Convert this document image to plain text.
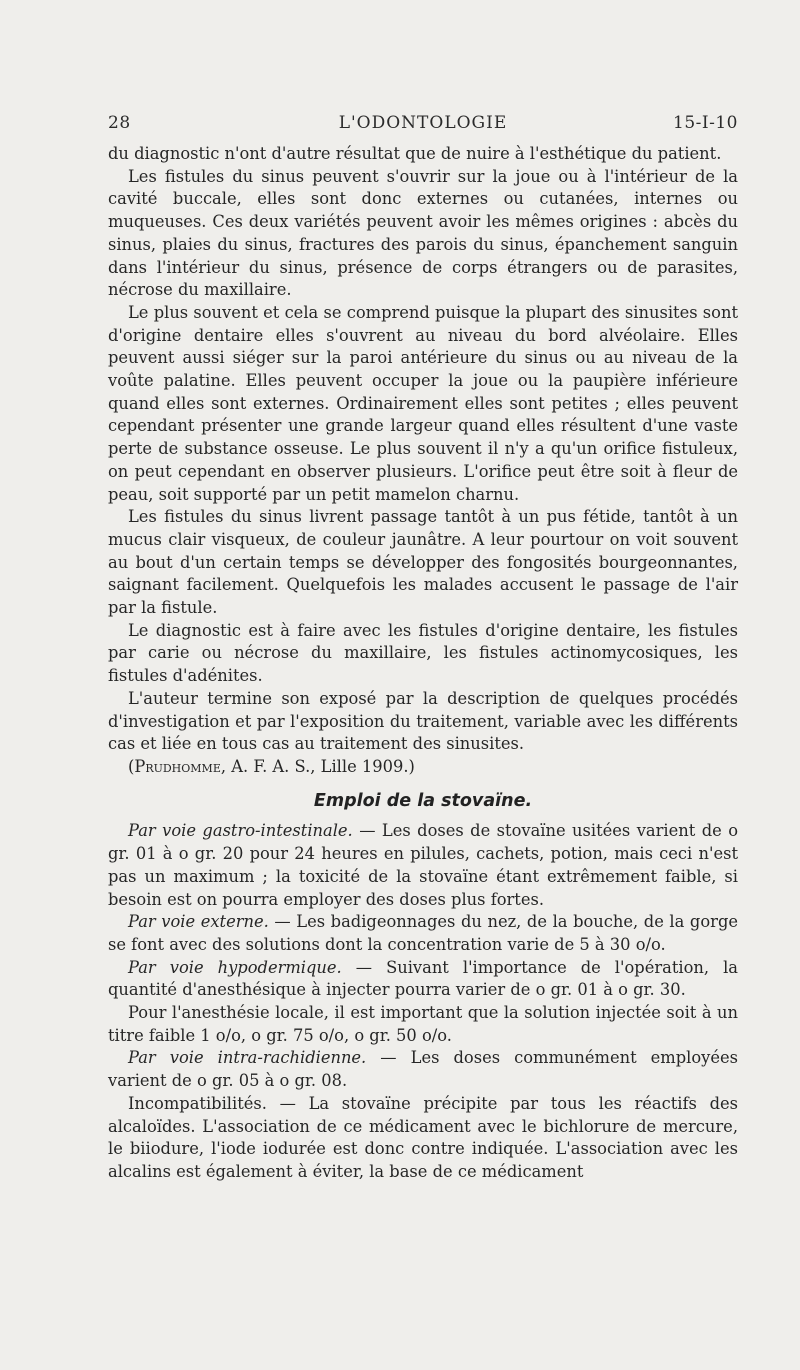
L'ODONTOLOGIE
28	15-I-10

du diagnostic n'ont d'autre résultat que de nuire à l'esthétique du patient.

Les fistules du sinus peuvent s'ouvrir sur la joue ou à l'intérieur de la cavité buccale, elles sont donc externes ou cutanées, internes ou muqueuses. Ces deux variétés peuvent avoir les mêmes origines : abcès du sinus, plaies du sinus, fractures des parois du sinus, épanchement sanguin dans l'intérieur du sinus, présence de corps étrangers ou de parasites, nécrose du maxillaire.

Le plus souvent et cela se comprend puisque la plupart des sinusites sont d'origine dentaire elles s'ouvrent au niveau du bord alvéolaire. Elles peuvent aussi siéger sur la paroi antérieure du sinus ou au niveau de la voûte palatine. Elles peuvent occuper la joue ou la paupière inférieure quand elles sont externes. Ordinairement elles sont petites ; elles peuvent cependant présenter une grande largeur quand elles résultent d'une vaste perte de substance osseuse. Le plus souvent il n'y a qu'un orifice fistuleux, on peut cependant en observer plusieurs. L'orifice peut être soit à fleur de peau, soit supporté par un petit mamelon charnu.

Les fistules du sinus livrent passage tantôt à un pus fétide, tantôt à un mucus clair visqueux, de couleur jaunâtre. A leur pourtour on voit souvent au bout d'un certain temps se développer des fongosités bourgeonnantes, saignant facilement. Quelquefois les malades accusent le passage de l'air par la fistule.

Le diagnostic est à faire avec les fistules d'origine dentaire, les fistules par carie ou nécrose du maxillaire, les fistules actinomycosiques, les fistules d'adénites.

L'auteur termine son exposé par la description de quelques procédés d'investigation et par l'exposition du traitement, variable avec les différents cas et liée en tous cas au traitement des sinusites.

(Prudhomme, A. F. A. S., Lille 1909.)

Emploi de la stovaïne.

Par voie gastro-intestinale. — Les doses de stovaïne usitées varient de o gr. 01 à o gr. 20 pour 24 heures en pilules, cachets, potion, mais ceci n'est pas un maximum ; la toxicité de la stovaïne étant extrêmement faible, si besoin est on pourra employer des doses plus fortes.

Par voie externe. — Les badigeonnages du nez, de la bouche, de la gorge se font avec des solutions dont la concentration varie de 5 à 30 o/o.

Par voie hypodermique. — Suivant l'importance de l'opération, la quantité d'anesthésique à injecter pourra varier de o gr. 01 à o gr. 30.

Pour l'anesthésie locale, il est important que la solution injectée soit à un titre faible 1 o/o, o gr. 75 o/o, o gr. 50 o/o.

Par voie intra-rachidienne. — Les doses communément employées varient de o gr. 05 à o gr. 08.

Incompatibilités. — La stovaïne précipite par tous les réactifs des alcaloïdes. L'association de ce médicament avec le bichlorure de mercure, le biiodure, l'iode iodurée est donc contre indiquée. L'association avec les alcalins est également à éviter, la base de ce médicament
